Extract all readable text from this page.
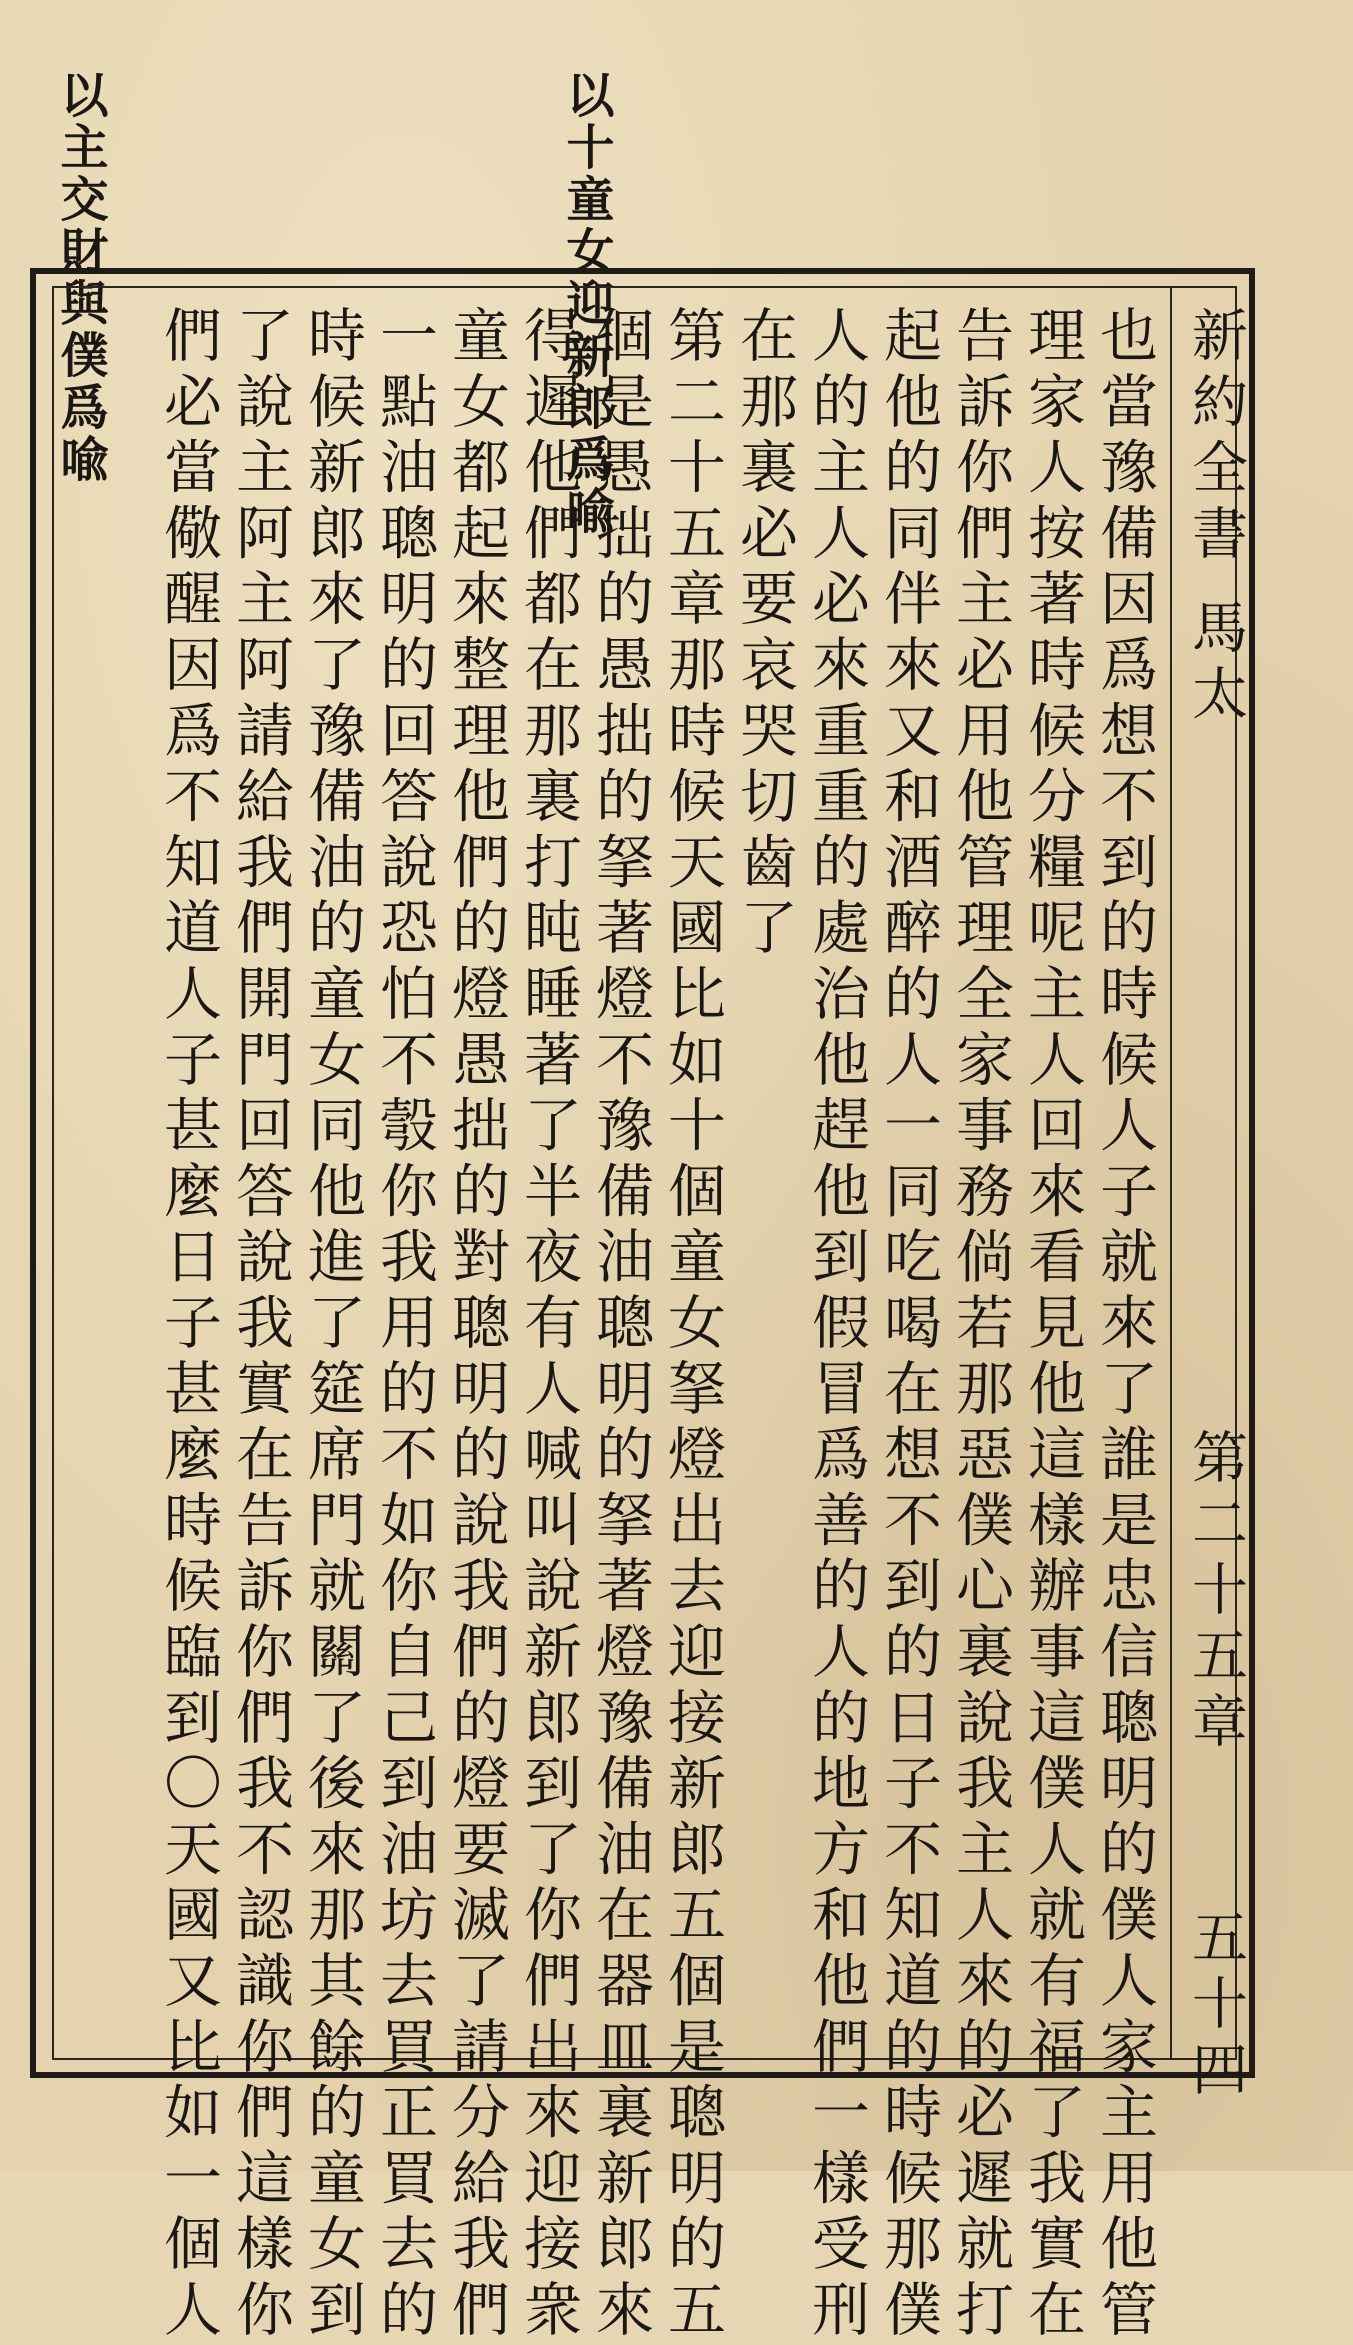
以主交財與僕爲喩	以十童女迎新郎爲喩	新約全書
馬太
第二十五章
五十四
也當豫備因爲想不到的時候人子就來了誰是忠信聰明的僕人家主用他管
理家人按著時候分糧呢主人回來看見他這樣辦事這僕人就有福了我實在
告訴你們主必用他管理全家事務倘若那惡僕心裏說我主人來的必遲就打
起他的同伴來又和酒醉的人一同吃喝在想不到的日子不知道的時候那僕
人的主人必來重重的處治他趕他到假冒爲善的人的地方和他們一樣受刑
在那裏必要哀哭切齒了
第二十五章那時候天國比如十個童女拏燈出去迎接新郎五個是聰明的五
個是愚拙的愚拙的拏著燈不豫備油聰明的拏著燈豫備油在器皿裏新郎來
得遲他們都在那裏打盹睡著了半夜有人喊叫說新郎到了你們出來迎接衆
童女都起來整理他們的燈愚拙的對聰明的說我們的燈要滅了請分給我們
一點油聰明的回答說恐怕不彀你我用的不如你自己到油坊去買正買去的
時候新郎來了豫備油的童女同他進了筵席門就關了後來那其餘的童女到
了說主阿主阿請給我們開門回答說我實在告訴你們我不認識你們這樣你
們必當儆醒因爲不知道人子甚麼日子甚麼時候臨到〇天國又比如一個人
